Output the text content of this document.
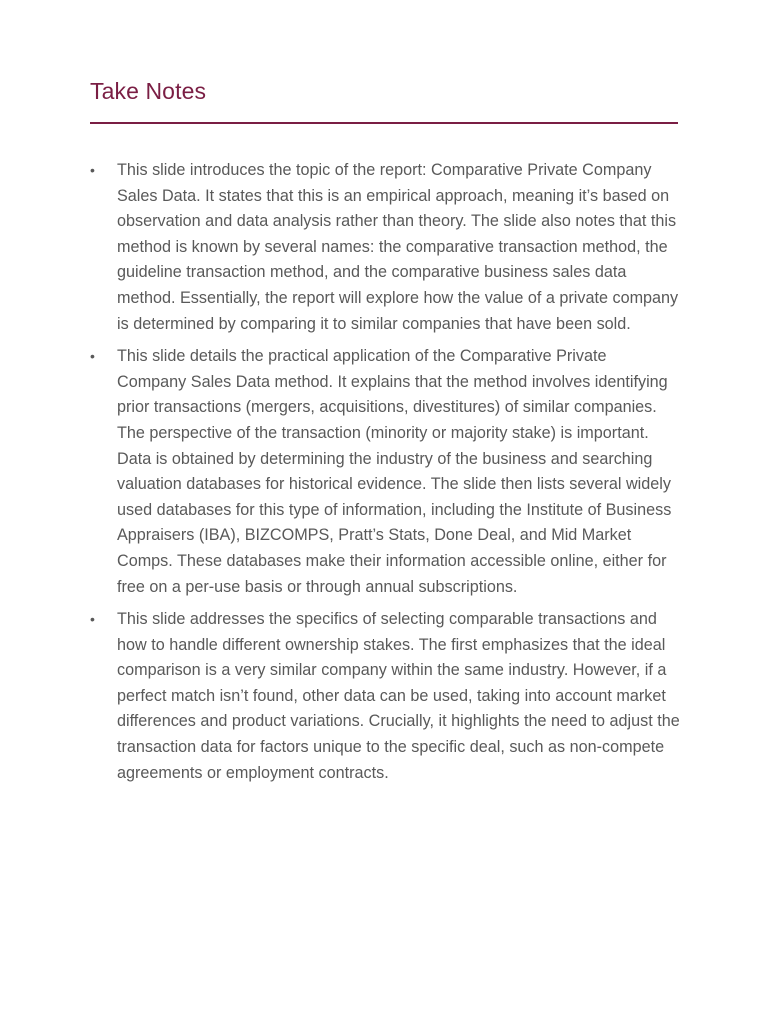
Take Notes
•	This slide introduces the topic of the report: Comparative Private Company Sales Data. It states that this is an empirical approach, meaning it’s based on observation and data analysis rather than theory. The slide also notes that this method is known by several names: the comparative transaction method, the guideline transaction method, and the comparative business sales data method. Essentially, the report will explore how the value of a private company is determined by comparing it to similar companies that have been sold.
•	This slide details the practical application of the Comparative Private Company Sales Data method. It explains that the method involves identifying prior transactions (mergers, acquisitions, divestitures) of similar companies. The perspective of the transaction (minority or majority stake) is important. Data is obtained by determining the industry of the business and searching valuation databases for historical evidence. The slide then lists several widely used databases for this type of information, including the Institute of Business Appraisers (IBA), BIZCOMPS, Pratt’s Stats, Done Deal, and Mid Market Comps. These databases make their information accessible online, either for free on a per-use basis or through annual subscriptions.
•	This slide addresses the specifics of selecting comparable transactions and how to handle different ownership stakes. The first emphasizes that the ideal comparison is a very similar company within the same industry. However, if a perfect match isn’t found, other data can be used, taking into account market differences and product variations. Crucially, it highlights the need to adjust the transaction data for factors unique to the specific deal, such as non-compete agreements or employment contracts.
